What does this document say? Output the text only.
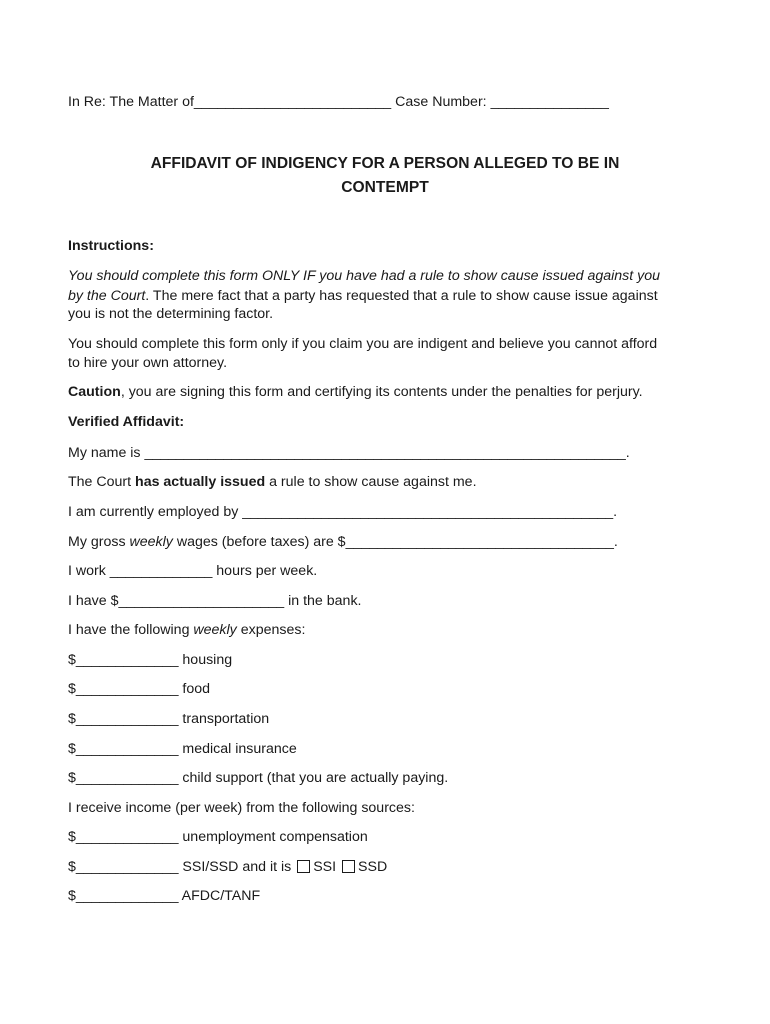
In Re: The Matter of_________________________ Case Number: _______________
AFFIDAVIT OF INDIGENCY FOR A PERSON ALLEGED TO BE IN
CONTEMPT
Instructions:
You should complete this form ONLY IF you have had a rule to show cause issued against you
by the Court. The mere fact that a party has requested that a rule to show cause issue against
you is not the determining factor.
You should complete this form only if you claim you are indigent and believe you cannot afford
to hire your own attorney.
Caution, you are signing this form and certifying its contents under the penalties for perjury.
Verified Affidavit:
My name is _____________________________________________________________.
The Court has actually issued a rule to show cause against me.
I am currently employed by _______________________________________________.
My gross weekly wages (before taxes) are $__________________________________.
I work _____________ hours per week.
I have $_____________________ in the bank.
I have the following weekly expenses:
$_____________ housing
$_____________ food
$_____________ transportation
$_____________ medical insurance
$_____________ child support (that you are actually paying.
I receive income (per week) from the following sources:
$_____________ unemployment compensation
$_____________ SSI/SSD and it is SSI SSD
$_____________ AFDC/TANF
